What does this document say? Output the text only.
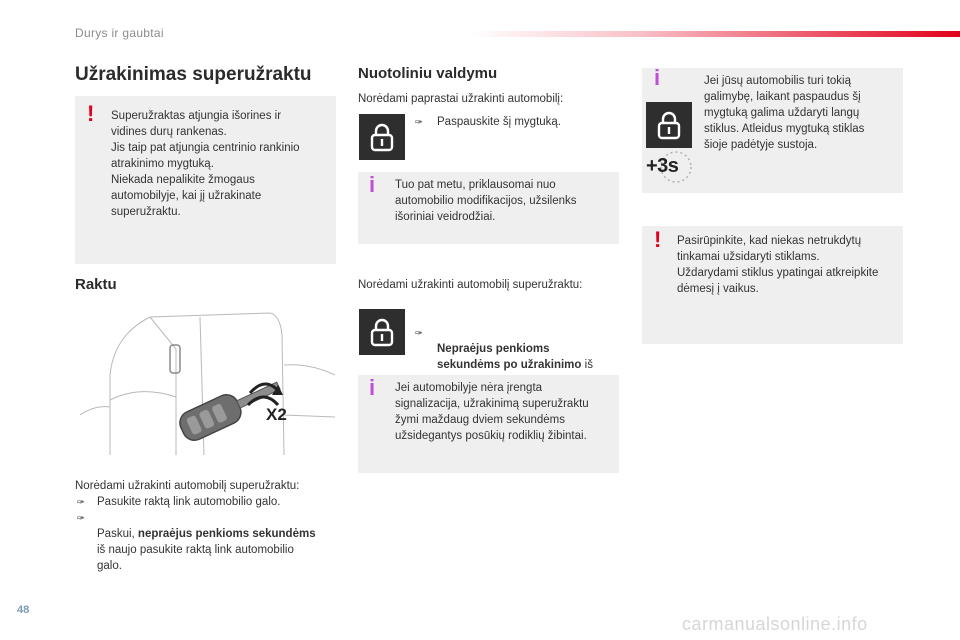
Durys ir gaubtai
Užrakinimas superužraktu
! Superužraktas atjungia išorines ir
vidines durų rankenas.
Jis taip pat atjungia centrinio rankinio
atrakinimo mygtuką.
Niekada nepalikite žmogaus
automobilyje, kai jį užrakinate
superužraktu.

Raktu
X2
Norėdami užrakinti automobilį superužraktu:
✑ Pasukite raktą link automobilio galo.

✑
Paskui, nepraėjus penkioms sekundėms
iš naujo pasukite raktą link automobilio
galo.

Nuotoliniu valdymu
Norėdami paprastai užrakinti automobilį:
✑ Paspauskite šį mygtuką.
i Tuo pat metu, priklausomai nuo
automobilio modifikacijos, užsilenks
išoriniai veidrodžiai.

Norėdami užrakinti automobilį superužraktu:

✑
Nepraėjus penkioms
sekundėms po užrakinimo iš

i Jei automobilyje nėra įrengta
signalizacija, užrakinimą superužraktu
žymi maždaug dviem sekundėms
užsidegantys posūkių rodiklių žibintai.

i	Jei jūsų automobilis turi tokią
galimybę, laikant paspaudus šį
mygtuką galima uždaryti langų
stiklus. Atleidus mygtuką stiklas
šioje padėtyje sustoja.

+3s
! Pasirūpinkite, kad niekas netrukdytų
tinkamai užsidaryti stiklams.
Uždarydami stiklus ypatingai atkreipkite
dėmesį į vaikus.

48
carmanualsonline.info
